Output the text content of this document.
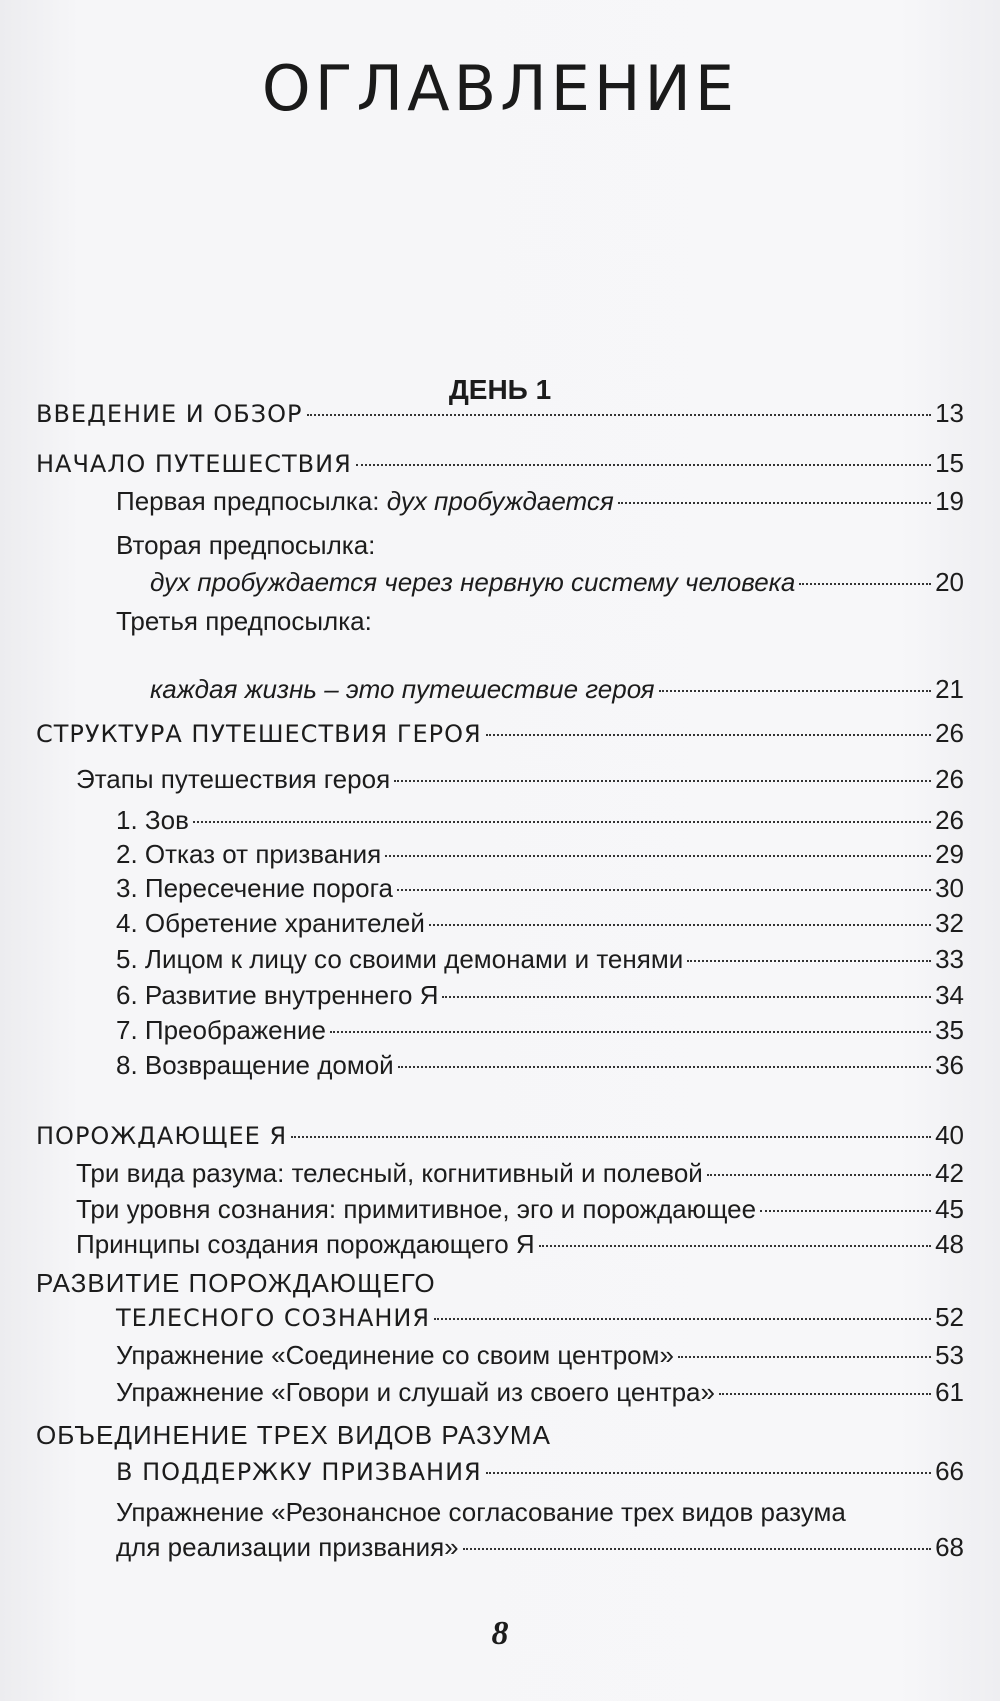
ОГЛАВЛЕНИЕ
ДЕНЬ 1
ВВЕДЕНИЕ И ОБЗОР	13
НАЧАЛО ПУТЕШЕСТВИЯ	15
Первая предпосылка: дух пробуждается	19
Вторая предпосылка:
дух пробуждается через нервную систему человека	20
Третья предпосылка:
каждая жизнь – это путешествие героя	21
СТРУКТУРА ПУТЕШЕСТВИЯ ГЕРОЯ	26
Этапы путешествия героя	26
1. Зов	26
2. Отказ от призвания	29
3. Пересечение порога	30
4. Обретение хранителей	32
5. Лицом к лицу со своими демонами и тенями	33
6. Развитие внутреннего Я	34
7. Преображение	35
8. Возвращение домой	36
ПОРОЖДАЮЩЕЕ Я	40
Три вида разума: телесный, когнитивный и полевой	42
Три уровня сознания: примитивное, эго и порождающее	45
Принципы создания порождающего Я	48
РАЗВИТИЕ ПОРОЖДАЮЩЕГО
ТЕЛЕСНОГО СОЗНАНИЯ	52
Упражнение «Соединение со своим центром»	53
Упражнение «Говори и слушай из своего центра»	61
ОБЪЕДИНЕНИЕ ТРЕХ ВИДОВ РАЗУМА
В ПОДДЕРЖКУ ПРИЗВАНИЯ	66
Упражнение «Резонансное согласование трех видов разума
для реализации призвания»	68
8
